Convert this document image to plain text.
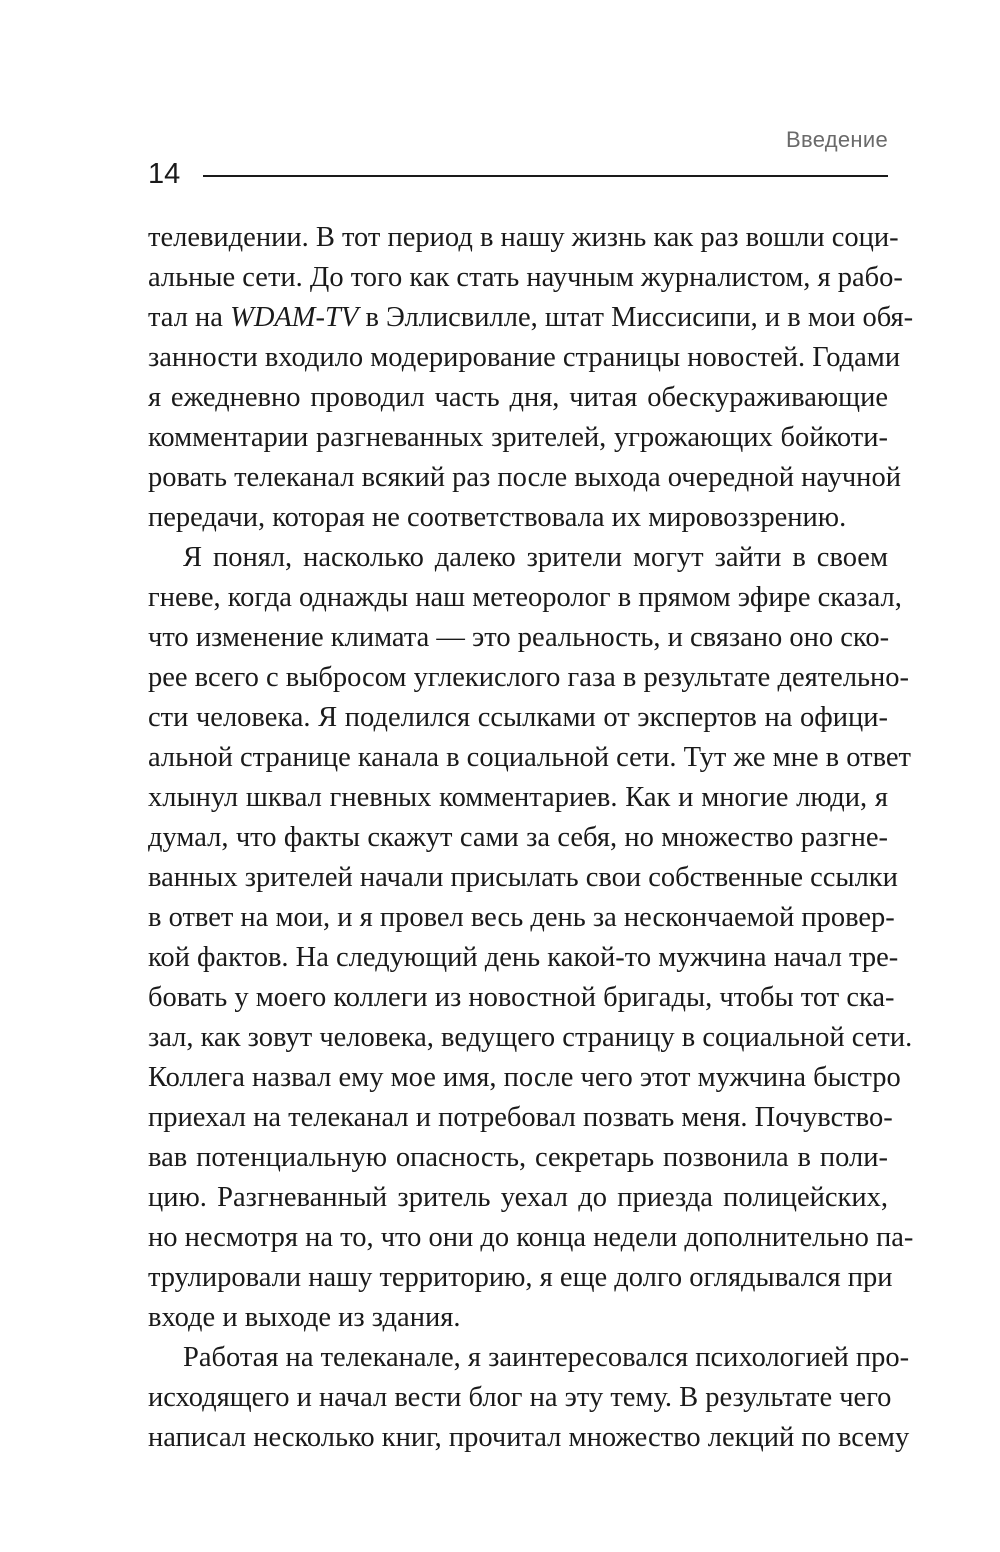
Введение
14
телевидении. В тот период в нашу жизнь как раз вошли соци-
альные сети. До того как стать научным журналистом, я рабо-
тал на WDAM-TV в Эллисвилле, штат Миссисипи, и в мои обя-
занности входило модерирование страницы новостей. Годами
я ежедневно проводил часть дня, читая обескураживающие
комментарии разгневанных зрителей, угрожающих бойкоти-
ровать телеканал всякий раз после выхода очередной научной
передачи, которая не соответствовала их мировоззрению.
Я понял, насколько далеко зрители могут зайти в своем
гневе, когда однажды наш метеоролог в прямом эфире сказал,
что изменение климата — это реальность, и связано оно ско-
рее всего с выбросом углекислого газа в результате деятельно-
сти человека. Я поделился ссылками от экспертов на офици-
альной странице канала в социальной сети. Тут же мне в ответ
хлынул шквал гневных комментариев. Как и многие люди, я
думал, что факты скажут сами за себя, но множество разгне-
ванных зрителей начали присылать свои собственные ссылки
в ответ на мои, и я провел весь день за нескончаемой провер-
кой фактов. На следующий день какой-то мужчина начал тре-
бовать у моего коллеги из новостной бригады, чтобы тот ска-
зал, как зовут человека, ведущего страницу в социальной сети.
Коллега назвал ему мое имя, после чего этот мужчина быстро
приехал на телеканал и потребовал позвать меня. Почувство-
вав потенциальную опасность, секретарь позвонила в поли-
цию. Разгневанный зритель уехал до приезда полицейских,
но несмотря на то, что они до конца недели дополнительно па-
трулировали нашу территорию, я еще долго оглядывался при
входе и выходе из здания.
Работая на телеканале, я заинтересовался психологией про-
исходящего и начал вести блог на эту тему. В результате чего
написал несколько книг, прочитал множество лекций по всему
